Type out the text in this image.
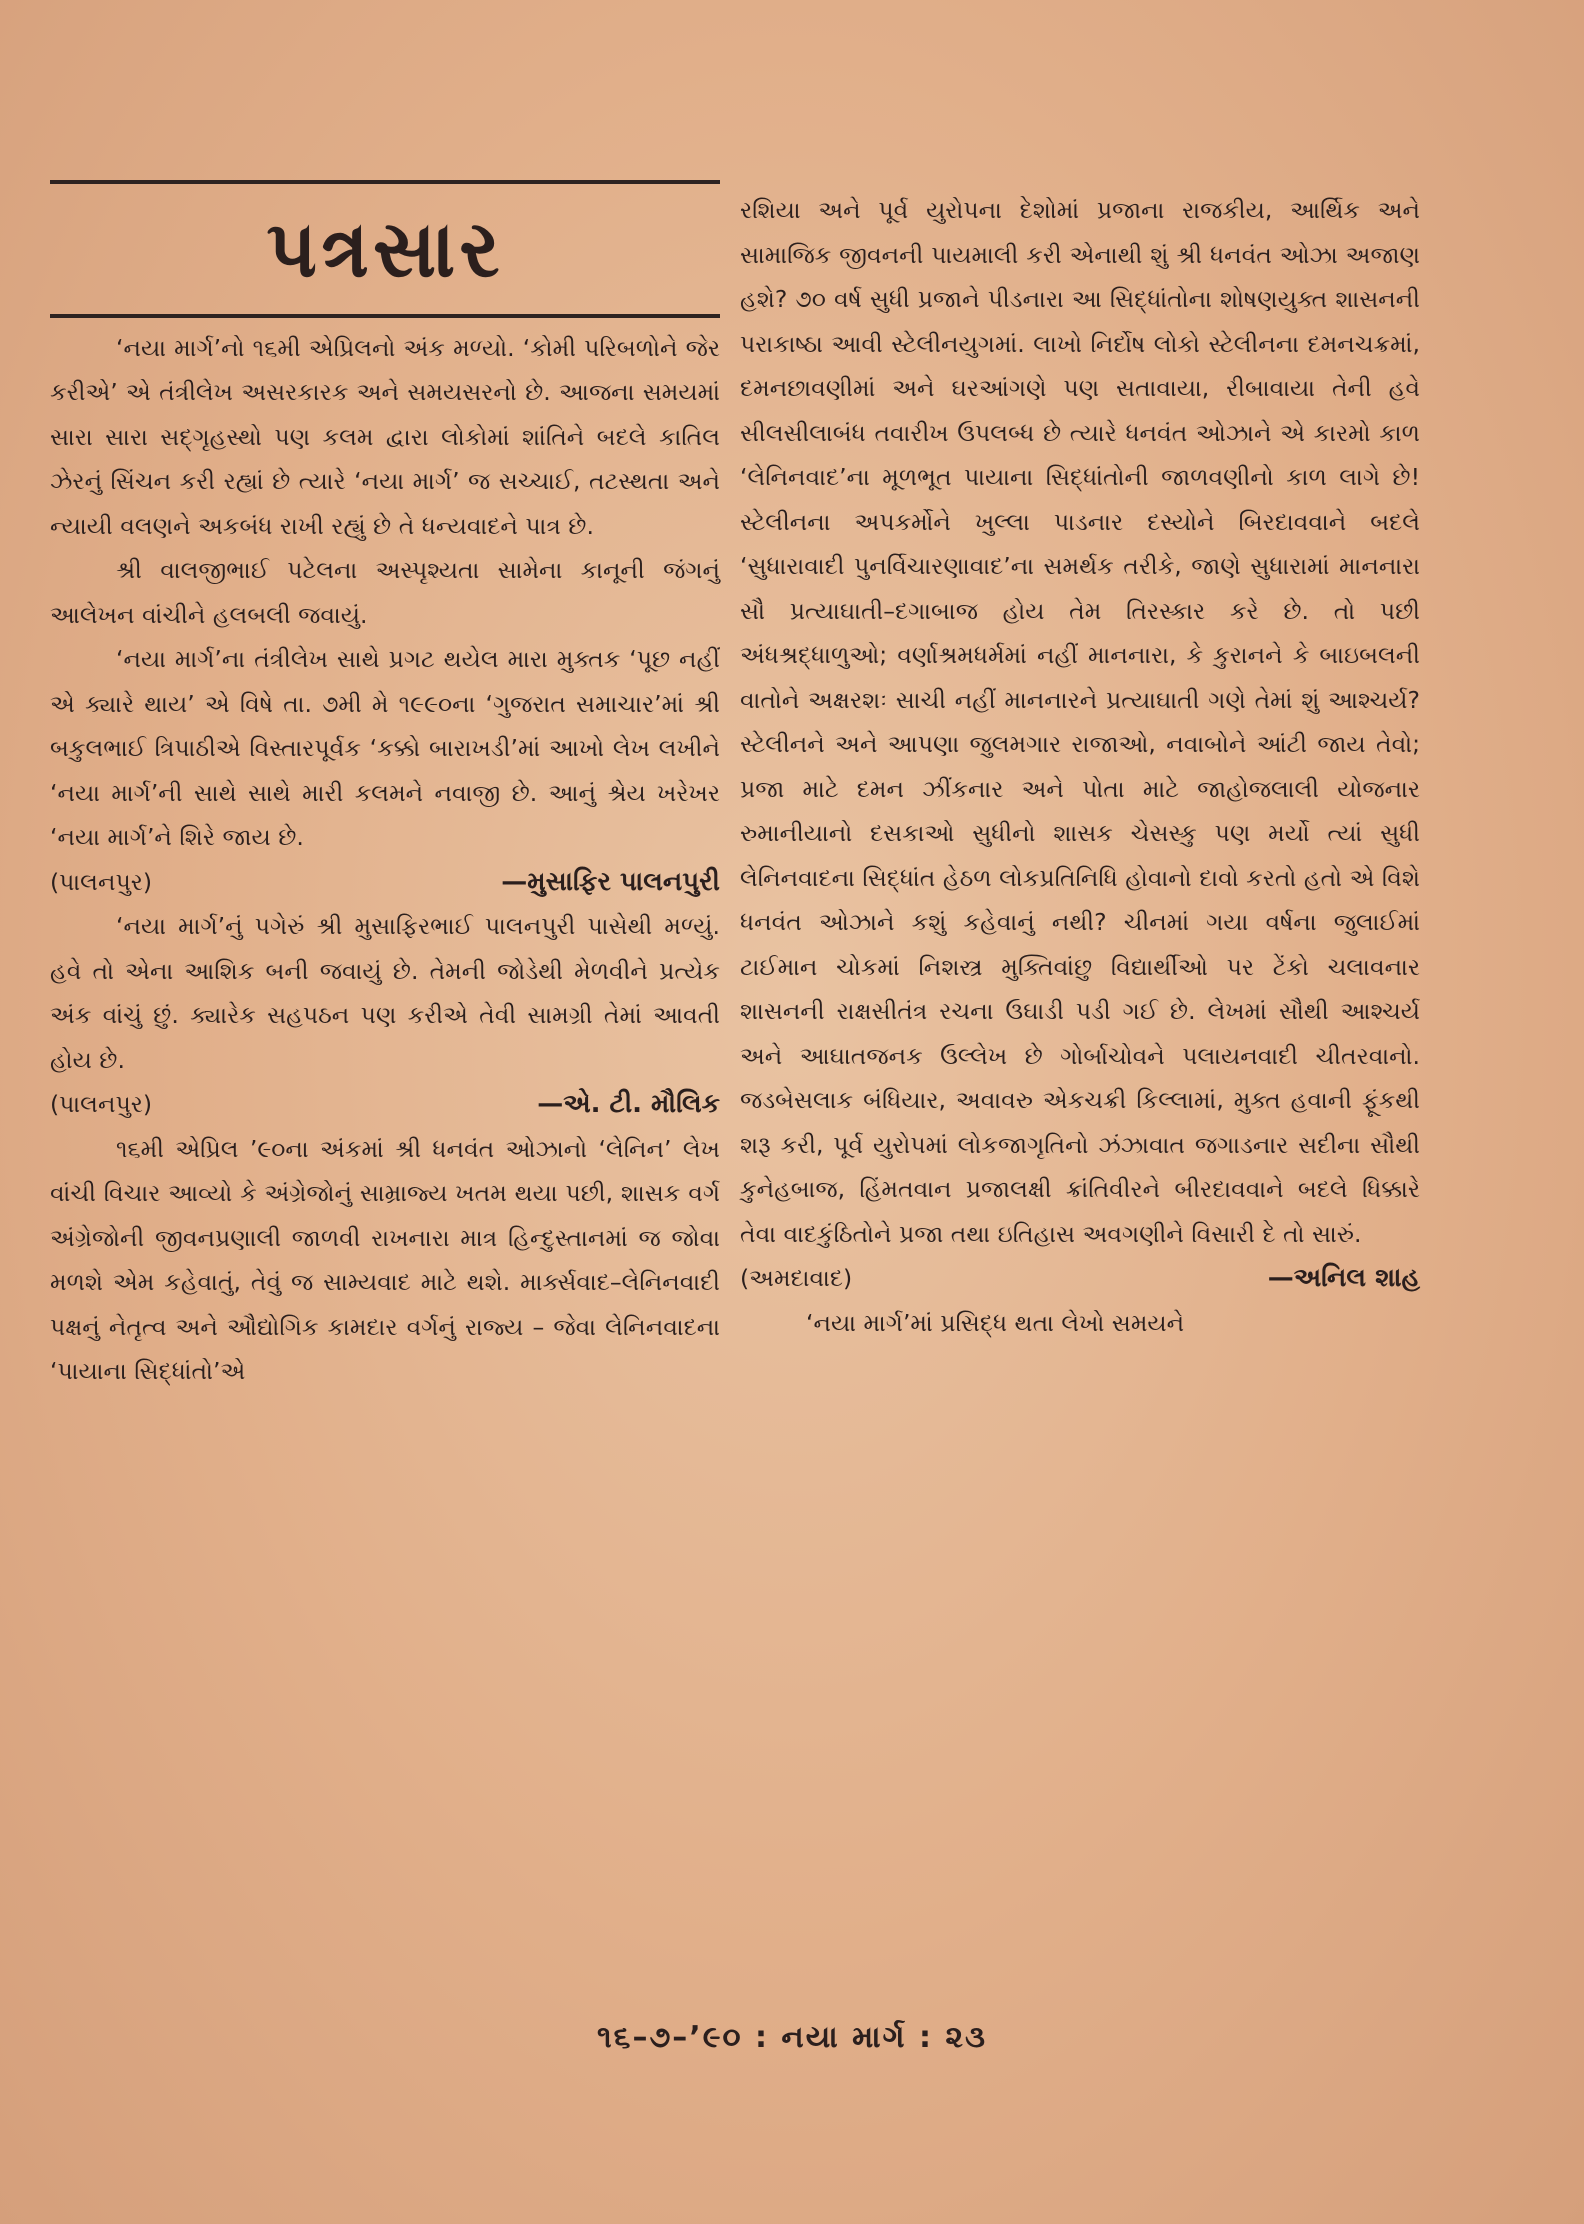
પત્રસાર

‘નયા માર્ગ’નો ૧૬મી એપ્રિલનો અંક મળ્યો. ‘કોમી પરિબળોને જેર કરીએ’ એ તંત્રીલેખ અસરકારક અને સમયસરનો છે. આજના સમયમાં સારા સારા સદ્ગૃહસ્થો પણ કલમ દ્વારા લોકોમાં શાંતિને બદલે કાતિલ ઝેરનું સિંચન કરી રહ્યાં છે ત્યારે ‘નયા માર્ગ’ જ સચ્ચાઈ, તટસ્થતા અને ન્યાયી વલણને અકબંધ રાખી રહ્યું છે તે ધન્યવાદને પાત્ર છે.

શ્રી વાલજીભાઈ પટેલના અસ્પૃશ્યતા સામેના કાનૂની જંગનું આલેખન વાંચીને હલબલી જવાયું.

‘નયા માર્ગ’ના તંત્રીલેખ સાથે પ્રગટ થયેલ મારા મુક્તક ‘પૂછ નહીં એ ક્યારે થાય’ એ વિષે તા. ૭મી મે ૧૯૯૦ના ‘ગુજરાત સમાચાર’માં શ્રી બકુલભાઈ ત્રિપાઠીએ વિસ્તારપૂર્વક ‘કક્કો બારાખડી’માં આખો લેખ લખીને ‘નયા માર્ગ’ની સાથે સાથે મારી કલમને નવાજી છે. આનું શ્રેય ખરેખર ‘નયા માર્ગ’ને શિરે જાય છે.

(પાલનપુર)	—મુસાફિર પાલનપુરી

‘નયા માર્ગ’નું પગેરું શ્રી મુસાફિરભાઈ પાલનપુરી પાસેથી મળ્યું. હવે તો એના આશિક બની જવાયું છે. તેમની જોડેથી મેળવીને પ્રત્યેક અંક વાંચું છું. ક્યારેક સહપઠન પણ કરીએ તેવી સામગ્રી તેમાં આવતી હોય છે.

(પાલનપુર)	—એ. ટી. મૌલિક

૧૬મી એપ્રિલ ’૯૦ના અંકમાં શ્રી ધનવંત ઓઝાનો ‘લેનિન’ લેખ વાંચી વિચાર આવ્યો કે અંગ્રેજોનું સામ્રાજ્ય ખતમ થયા પછી, શાસક વર્ગ અંગ્રેજોની જીવનપ્રણાલી જાળવી રાખનારા માત્ર હિન્દુસ્તાનમાં જ જોવા મળશે એમ કહેવાતું, તેવું જ સામ્યવાદ માટે થશે. માર્ક્સવાદ–લેનિનવાદી પક્ષનું નેતૃત્વ અને ઔદ્યોગિક કામદાર વર્ગનું રાજ્ય – જેવા લેનિનવાદના ‘પાયાના સિદ્ધાંતો’એ

રશિયા અને પૂર્વ યુરોપના દેશોમાં પ્રજાના રાજકીય, આર્થિક અને સામાજિક જીવનની પાયમાલી કરી એનાથી શું શ્રી ધનવંત ઓઝા અજાણ હશે? ૭૦ વર્ષ સુધી પ્રજાને પીડનારા આ સિદ્ધાંતોના શોષણયુક્ત શાસનની પરાકાષ્ઠા આવી સ્ટેલીનયુગમાં. લાખો નિર્દોષ લોકો સ્ટેલીનના દમનચક્રમાં, દમનછાવણીમાં અને ઘરઆંગણે પણ સતાવાયા, રીબાવાયા તેની હવે સીલસીલાબંધ તવારીખ ઉપલબ્ધ છે ત્યારે ધનવંત ઓઝાને એ કારમો કાળ ‘લેનિનવાદ’ના મૂળભૂત પાયાના સિદ્ધાંતોની જાળવણીનો કાળ લાગે છે! સ્ટેલીનના અપકર્મોને ખુલ્લા પાડનાર દસ્યોને બિરદાવવાને બદલે ‘સુધારાવાદી પુનર્વિચારણાવાદ’ના સમર્થક તરીકે, જાણે સુધારામાં માનનારા સૌ પ્રત્યાઘાતી–દગાબાજ હોય તેમ તિરસ્કાર કરે છે. તો પછી અંધશ્રદ્ધાળુઓ; વર્ણાશ્રમધર્મમાં નહીં માનનારા, કે કુરાનને કે બાઇબલની વાતોને અક્ષરશઃ સાચી નહીં માનનારને પ્રત્યાઘાતી ગણે તેમાં શું આશ્ચર્ય? સ્ટેલીનને અને આપણા જુલમગાર રાજાઓ, નવાબોને આંટી જાય તેવો; પ્રજા માટે દમન ઝીંકનાર અને પોતા માટે જાહોજલાલી યોજનાર રુમાનીયાનો દસકાઓ સુધીનો શાસક ચેસસ્કુ પણ મર્યો ત્યાં સુધી લેનિનવાદના સિદ્ધાંત હેઠળ લોકપ્રતિનિધિ હોવાનો દાવો કરતો હતો એ વિશે ધનવંત ઓઝાને કશું કહેવાનું નથી? ચીનમાં ગયા વર્ષના જુલાઈમાં ટાઈમાન ચોકમાં નિશસ્ત્ર મુક્તિવાંછુ વિદ્યાર્થીઓ પર ટેંકો ચલાવનાર શાસનની રાક્ષસીતંત્ર રચના ઉઘાડી પડી ગઈ છે. લેખમાં સૌથી આશ્ચર્ય અને આઘાતજનક ઉલ્લેખ છે ગોર્બાચોવને પલાયનવાદી ચીતરવાનો. જડબેસલાક બંધિયાર, અવાવરુ એકચક્રી કિલ્લામાં, મુક્ત હવાની ફૂંકથી શરૂ કરી, પૂર્વ યુરોપમાં લોકજાગૃતિનો ઝંઝાવાત જગાડનાર સદીના સૌથી કુનેહબાજ, હિંમતવાન પ્રજાલક્ષી ક્રાંતિવીરને બીરદાવવાને બદલે ધિક્કારે તેવા વાદકુંઠિતોને પ્રજા તથા ઇતિહાસ અવગણીને વિસારી દે તો સારું.

(અમદાવાદ)	—અનિલ શાહ

‘નયા માર્ગ’માં પ્રસિદ્ધ થતા લેખો સમયને

૧૬–૭–’૯૦ : નયા માર્ગ : ૨૩
